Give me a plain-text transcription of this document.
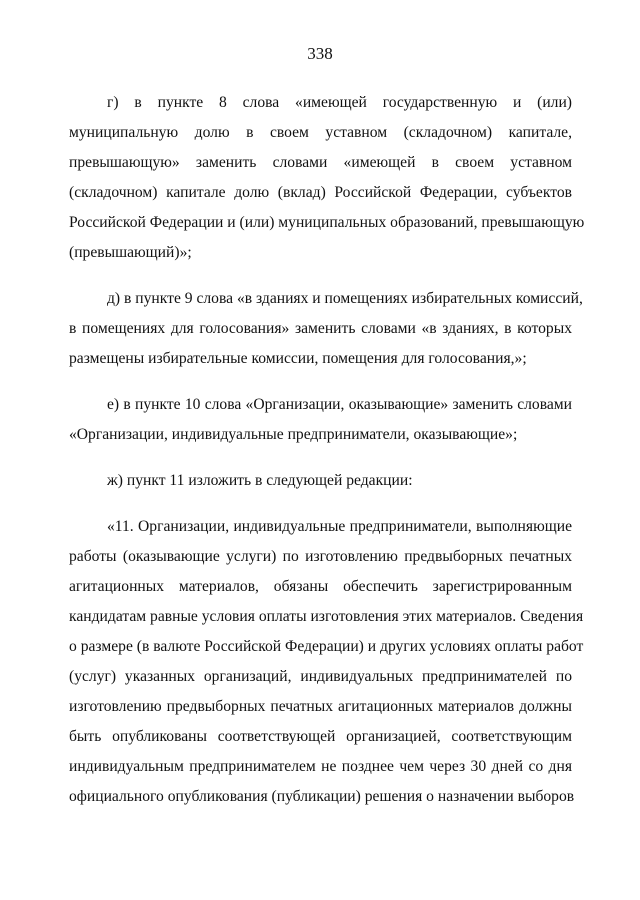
338
г) в пункте 8 слова «имеющей государственную и (или)
муниципальную долю в своем уставном (складочном) капитале,
превышающую» заменить словами «имеющей в своем уставном
(складочном) капитале долю (вклад) Российской Федерации, субъектов
Российской Федерации и (или) муниципальных образований, превышающую
(превышающий)»;
д) в пункте 9 слова «в зданиях и помещениях избирательных комиссий,
в помещениях для голосования» заменить словами «в зданиях, в которых
размещены избирательные комиссии, помещения для голосования,»;
е) в пункте 10 слова «Организации, оказывающие» заменить словами
«Организации, индивидуальные предприниматели, оказывающие»;
ж) пункт 11 изложить в следующей редакции:
«11. Организации, индивидуальные предприниматели, выполняющие
работы (оказывающие услуги) по изготовлению предвыборных печатных
агитационных материалов, обязаны обеспечить зарегистрированным
кандидатам равные условия оплаты изготовления этих материалов. Сведения
о размере (в валюте Российской Федерации) и других условиях оплаты работ
(услуг) указанных организаций, индивидуальных предпринимателей по
изготовлению предвыборных печатных агитационных материалов должны
быть опубликованы соответствующей организацией, соответствующим
индивидуальным предпринимателем не позднее чем через 30 дней со дня
официального опубликования (публикации) решения о назначении выборов
